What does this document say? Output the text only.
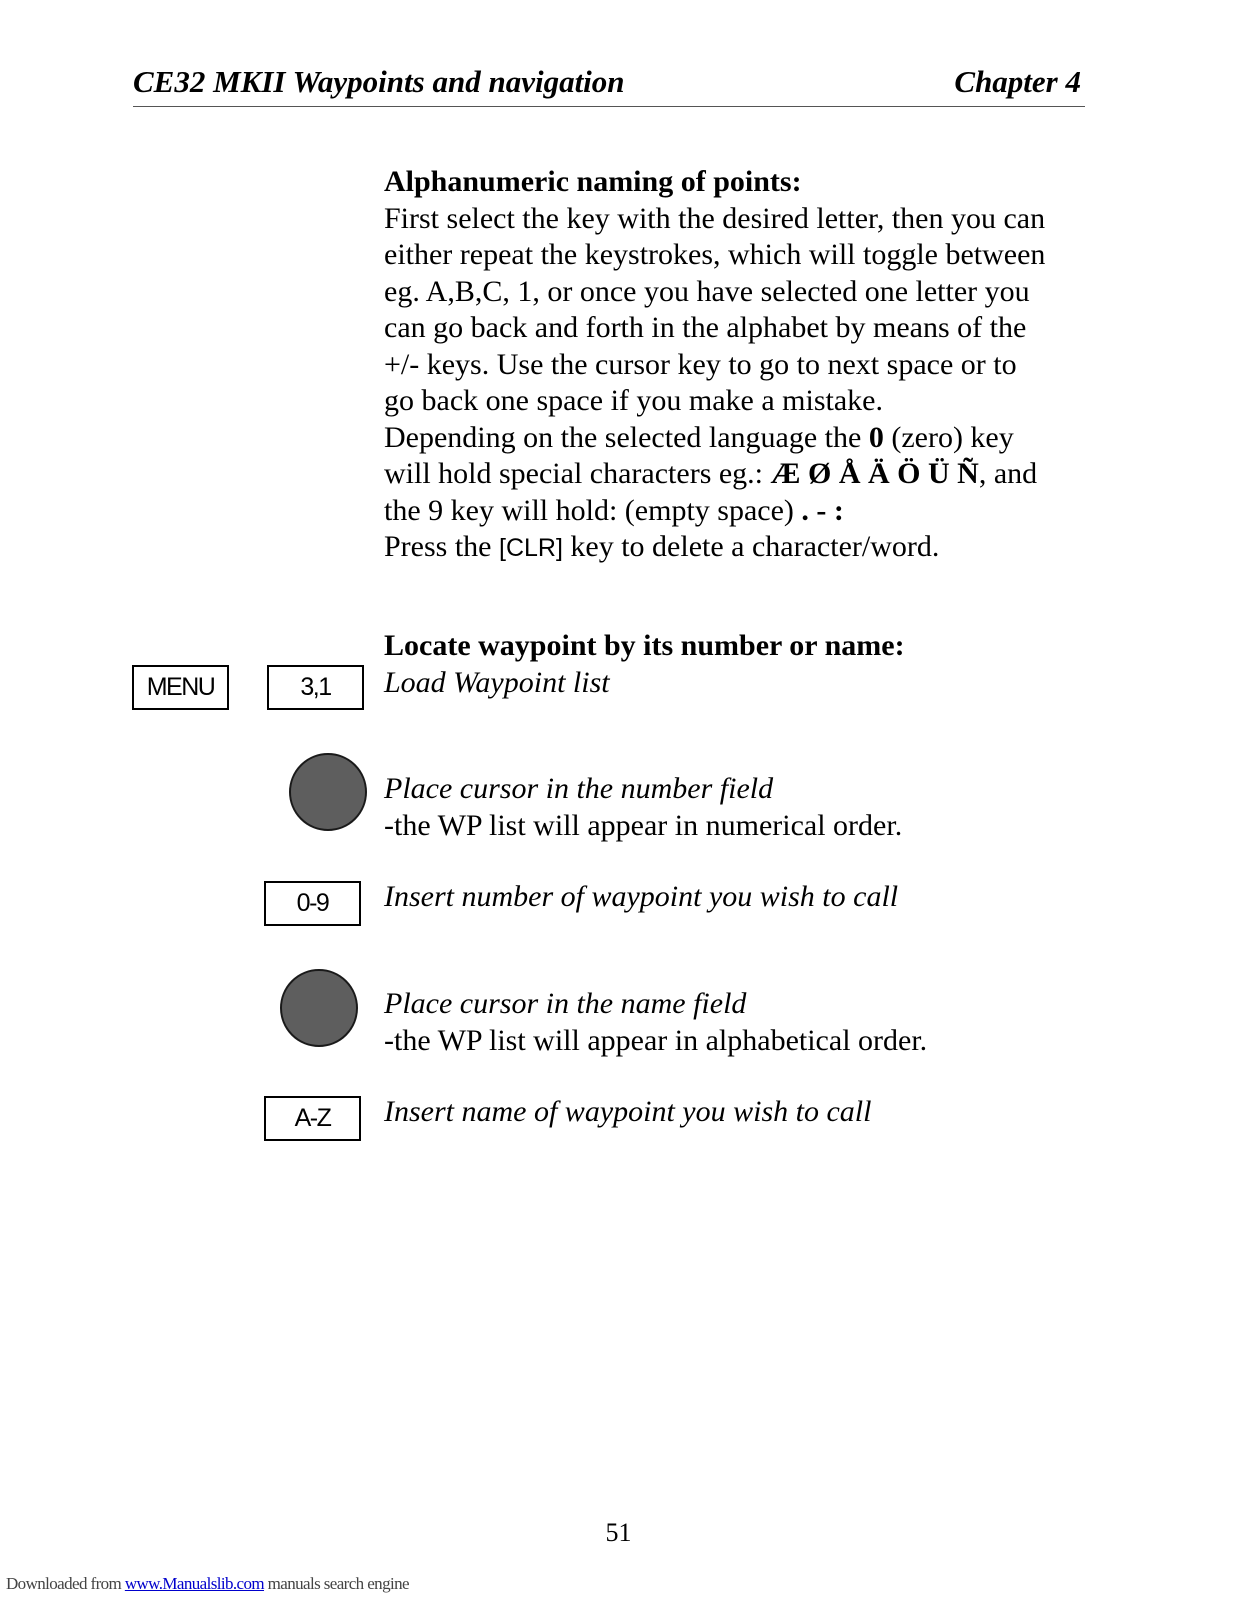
CE32 MKII Waypoints and navigation	Chapter 4
Alphanumeric naming of points:
First select the key with the desired letter, then you can
either repeat the keystrokes, which will toggle between
eg. A,B,C, 1, or once you have selected one letter you
can go back and forth in the alphabet by means of the
+/- keys. Use the cursor key to go to next space or to
go back one space if you make a mistake.
Depending on the selected language the 0 (zero) key
will hold special characters eg.: Æ Ø Å Ä Ö Ü Ñ, and
the 9 key will hold: (empty space) . - :
Press the [CLR] key to delete a character/word.
Locate waypoint by its number or name:
Load Waypoint list
Place cursor in the number field
-the WP list will appear in numerical order.
Insert number of waypoint you wish to call
Place cursor in the name field
-the WP list will appear in alphabetical order.
Insert name of waypoint you wish to call
MENU	3,1
0-9
A-Z
51
Downloaded from www.Manualslib.com manuals search engine
